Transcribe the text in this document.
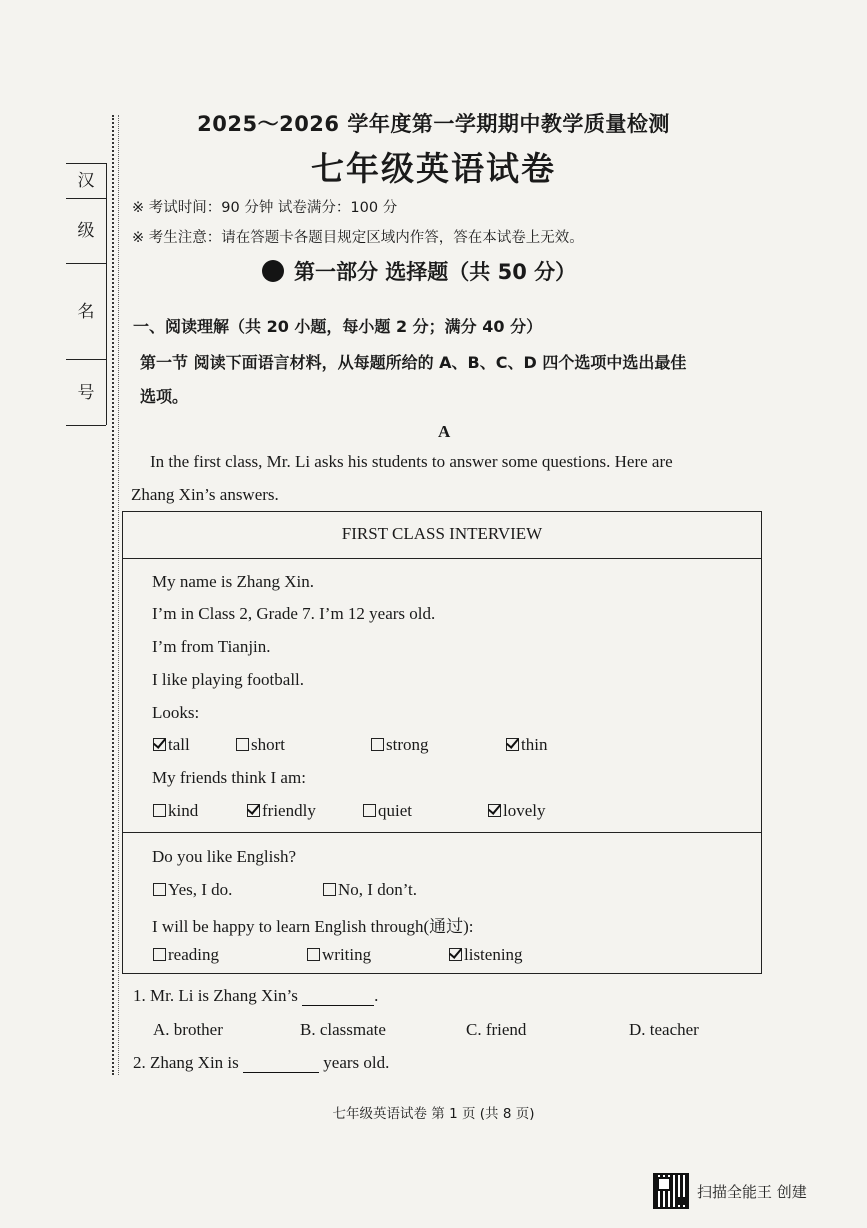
汉
级
名
号
2025～2026 学年度第一学期期中教学质量检测
七年级英语试卷
※ 考试时间：90 分钟 试卷满分：100 分
※ 考生注意：请在答题卡各题目规定区域内作答，答在本试卷上无效。
第一部分 选择题（共 50 分）
一、阅读理解（共 20 小题，每小题 2 分；满分 40 分）
第一节 阅读下面语言材料，从每题所给的 A、B、C、D 四个选项中选出最佳
选项。
A
In the first class, Mr. Li asks his students to answer some questions. Here are
Zhang Xin’s answers.
FIRST CLASS INTERVIEW
My name is Zhang Xin.
I’m in Class 2, Grade 7. I’m 12 years old.
I’m from Tianjin.
I like playing football.
Looks:
tall	short	strong	thin
My friends think I am:
kind	friendly	quiet	lovely
Do you like English?
Yes, I do.	No, I don’t.
I will be happy to learn English through(通过):
reading	writing	listening
1. Mr. Li is Zhang Xin’s	.
A. brother	B. classmate	C. friend	D. teacher
2. Zhang Xin is	years old.
七年级英语试卷 第 1 页 (共 8 页)
扫描全能王 创建
